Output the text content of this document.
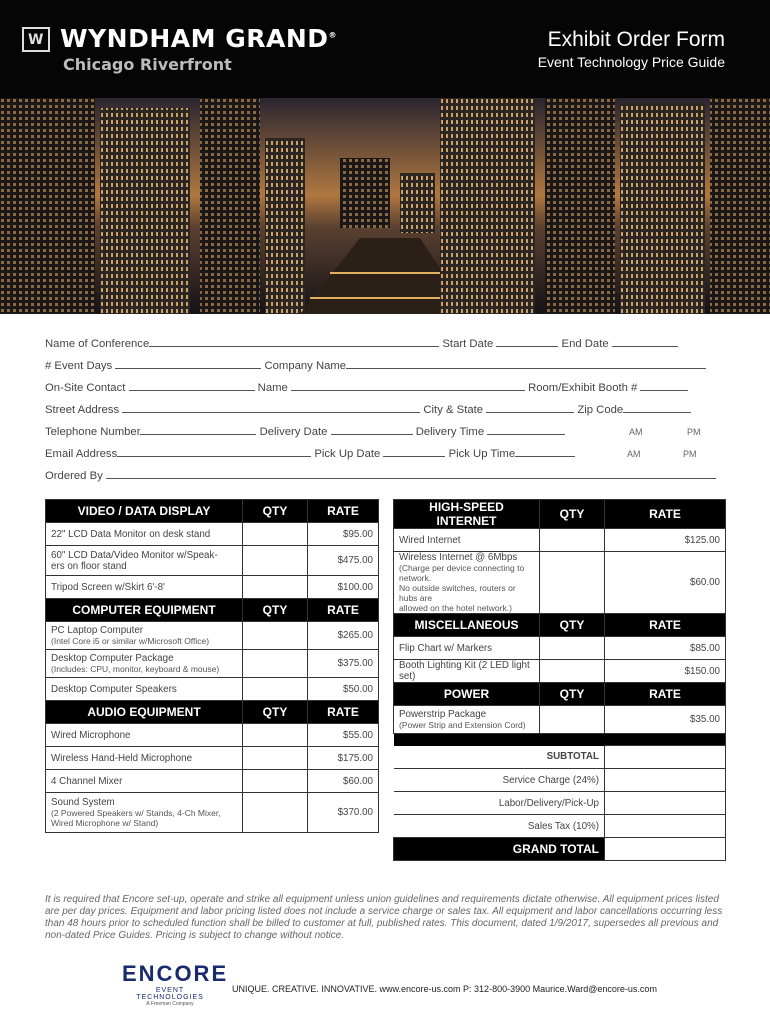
W WYNDHAM GRAND®
Chicago Riverfront
Exhibit Order Form
Event Technology Price Guide
Name of Conference	Start Date	End Date
# Event Days	Company Name
On-Site Contact	Name	Room/Exhibit Booth #
Street Address	City & State	Zip Code
Telephone Number	Delivery Date	Delivery Time	AM	PM
Email Address	Pick Up Date	Pick Up Time	AM	PM
Ordered By
VIDEO / DATA DISPLAY	QTY	RATE
22" LCD Data Monitor on desk stand		$95.00

60" LCD Data/Video Monitor w/Speak-
ers on floor stand		$475.00
Tripod Screen w/Skirt 6'-8'		$100.00
COMPUTER EQUIPMENT	QTY	RATE

PC Laptop Computer
(Intel Core i5 or similar w/Microsoft Office)		$265.00

Desktop Computer Package
(Includes: CPU, monitor, keyboard & mouse)		$375.00
Desktop Computer Speakers		$50.00
AUDIO EQUIPMENT	QTY	RATE
Wired Microphone		$55.00
Wireless Hand-Held Microphone		$175.00
4 Channel Mixer		$60.00

Sound System
(2 Powered Speakers w/ Stands, 4-Ch Mixer,
Wired Microphone w/ Stand)		$370.00
HIGH-SPEED INTERNET	QTY	RATE
Wired Internet		$125.00

Wireless Internet @ 6Mbps
(Charge per device connecting to network.
No outside switches, routers or hubs are
allowed on the hotel network.)		$60.00
MISCELLANEOUS	QTY	RATE
Flip Chart w/ Markers		$85.00
Booth Lighting Kit (2 LED light set)		$150.00
POWER	QTY	RATE

Powerstrip Package
(Power Strip and Extension Cord)		$35.00

SUBTOTAL		
Service Charge (24%)		
Labor/Delivery/Pick-Up		
Sales Tax (10%)		
GRAND TOTAL		
It is required that Encore set-up, operate and strike all equipment unless union guidelines and requirements dictate otherwise. All equipment prices listed are per day prices. Equipment and labor pricing listed does not include a service charge or sales tax. All equipment and labor cancellations occurring less than 48 hours prior to scheduled function shall be billed to customer at full, published rates. This document, dated 1/9/2017, supersedes all previous and non-dated Price Guides. Pricing is subject to change without notice.
ENCORE
EVENT TECHNOLOGIES
A Freeman Company
UNIQUE. CREATIVE. INNOVATIVE. www.encore-us.com P: 312-800-3900 Maurice.Ward@encore-us.com
